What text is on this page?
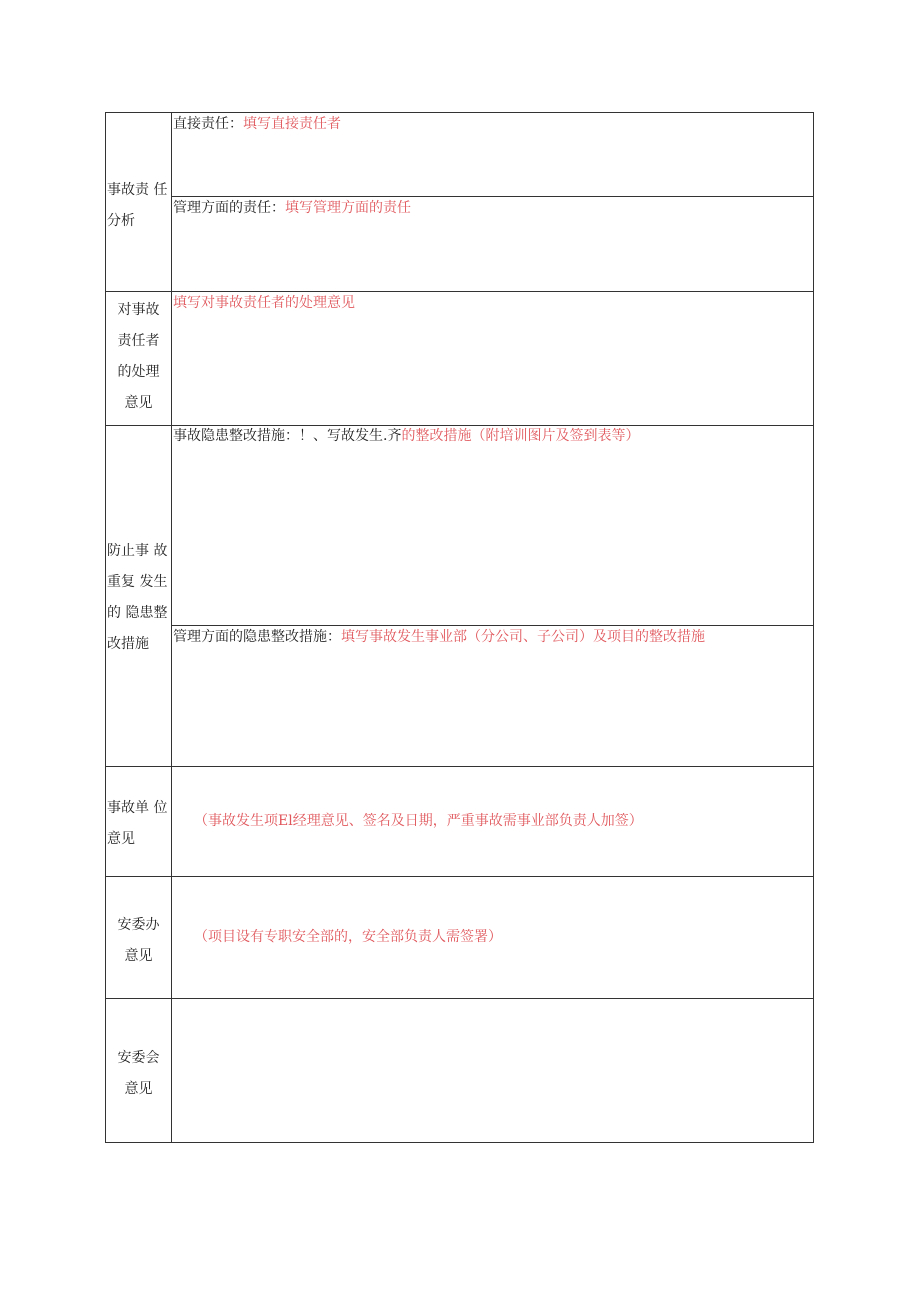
事故责 任
分析
直接责任：填写直接责任者
管理方面的责任：填写管理方面的责任
对事故
责任者
的处理
意见
填写对事故责任者的处理意见
防止事 故
重复 发生
的 隐患整
改措施
事故隐患整改措施：！、写故发生.齐的整改措施（附培训图片及签到表等）
管理方面的隐患整改措施：填写事故发生事业部（分公司、子公司）及项目的整改措施
事故单 位
意见
（事故发生项El经理意见、签名及日期，严重事故需事业部负责人加签）
安委办
意见
（项目设有专职安全部的，安全部负责人需签署）
安委会
意见
